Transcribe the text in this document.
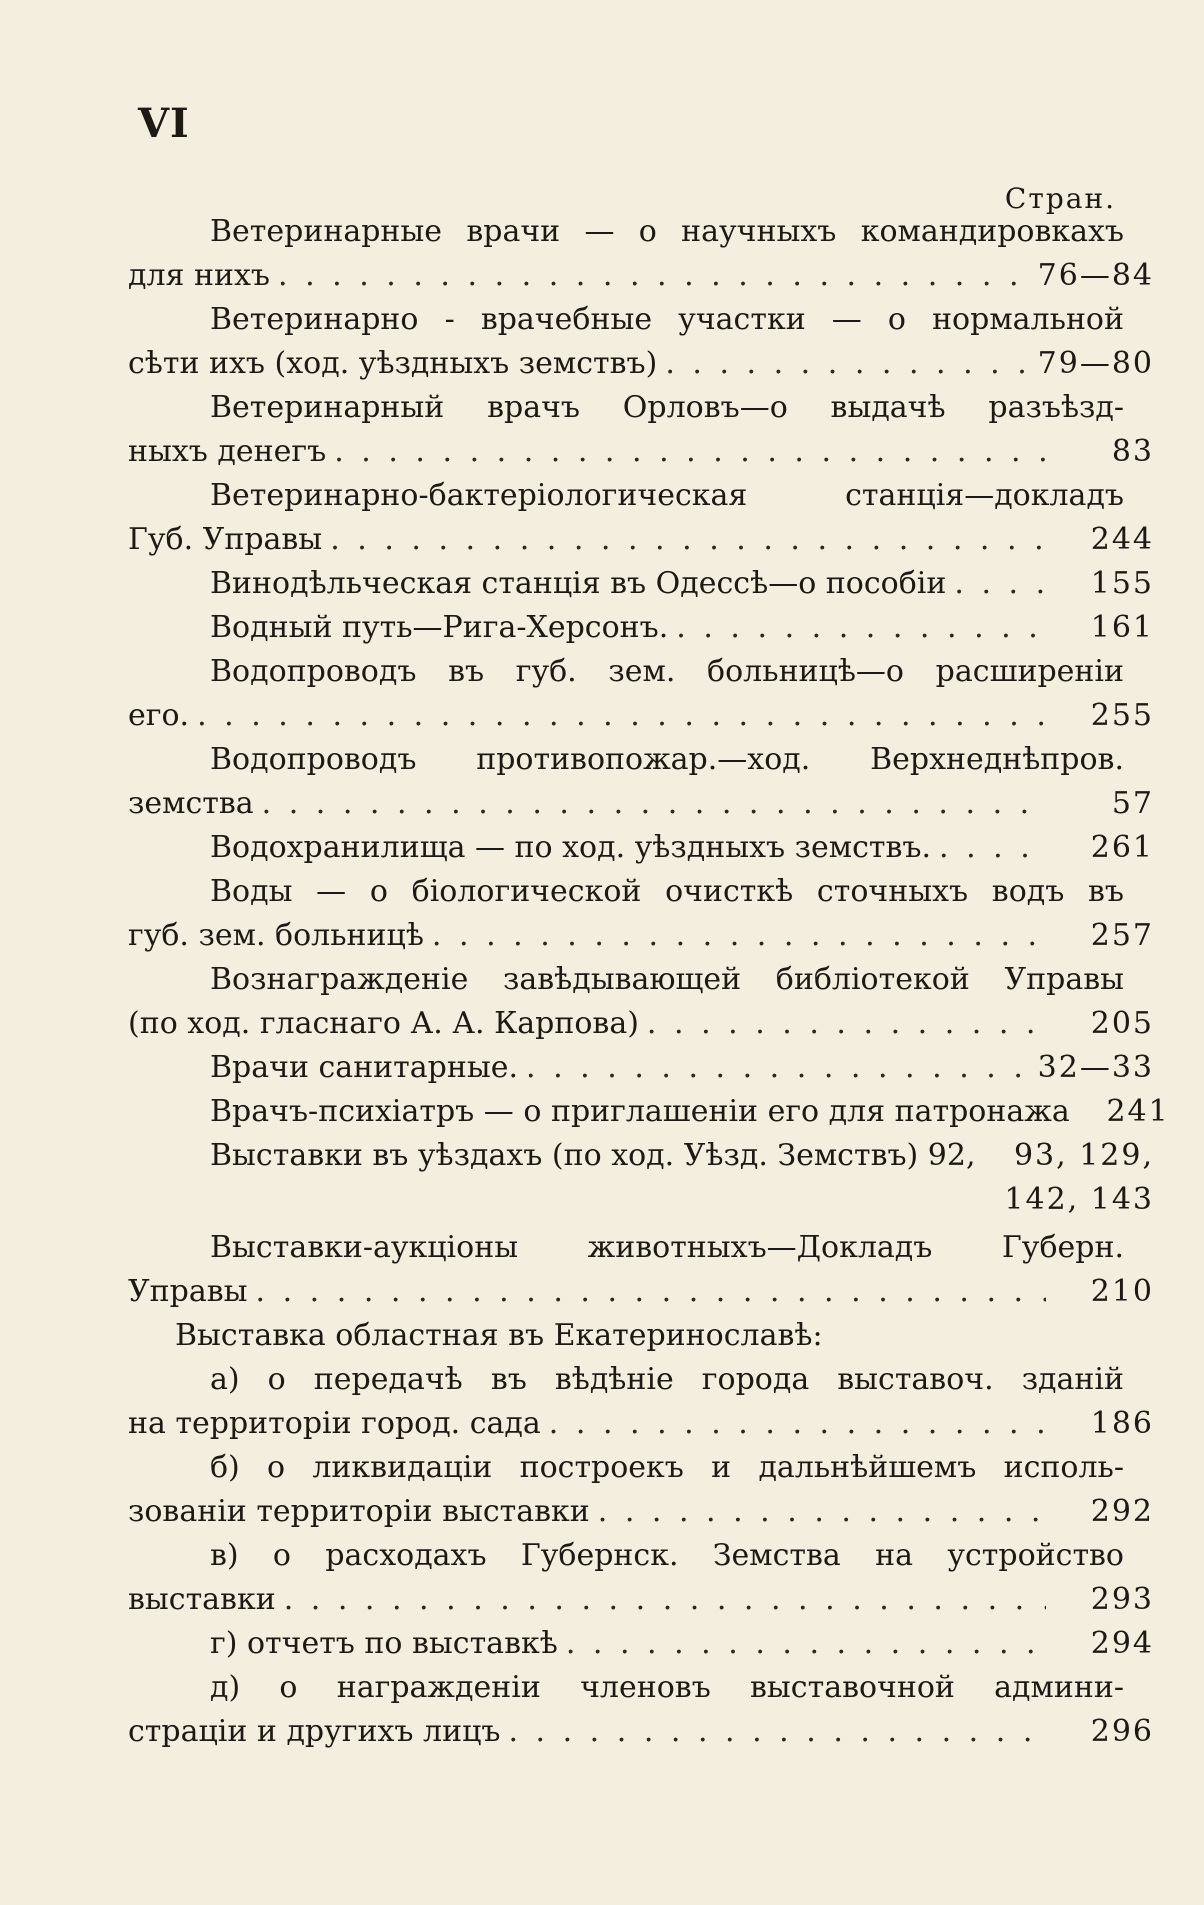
VI
Стран.
Ветеринарные врачи — о научныхъ командировкахъ
для нихъ . . .	76—84
Ветеринарно - врачебные участки — о нормальной
сѣти ихъ (ход. уѣздныхъ земствъ) . . .	79—80
Ветеринарный врачъ Орловъ—о выдачѣ разъѣзд-
ныхъ денегъ . . .	83
Ветеринарно-бактеріологическая станція—докладъ
Губ. Управы . . .	244
Винодѣльческая станція въ Одессѣ—о пособіи . . .	155
Водный путь—Рига-Херсонъ. . . .	161
Водопроводъ въ губ. зем. больницѣ—о расширеніи
его. . . .	255
Водопроводъ противопожар.—ход. Верхнеднѣпров.
земства . . .	57
Водохранилища — по ход. уѣздныхъ земствъ. . . .	261
Воды — о біологической очисткѣ сточныхъ водъ въ
губ. зем. больницѣ . . .	257
Вознагражденіе завѣдывающей библіотекой Управы
(по ход. гласнаго А. А. Карпова) . . .	205
Врачи санитарные. . . .	32—33
Врачъ-психіатръ — о приглашеніи его для патронажа	241
Выставки въ уѣздахъ (по ход. Уѣзд. Земствъ) 92, 93, 129,
142, 143
Выставки-аукціоны животныхъ—Докладъ Губерн.
Управы . . .	210
Выставка областная въ Екатеринославѣ:
а) о передачѣ въ вѣдѣніе города выставоч. зданій
на территоріи город. сада . . .	186
б) о ликвидаціи построекъ и дальнѣйшемъ исполь-
зованіи территоріи выставки . . .	292
в) о расходахъ Губернск. Земства на устройство
выставки . . .	293
г) отчетъ по выставкѣ . . .	294
д) о награжденіи членовъ выставочной админи-
страціи и другихъ лицъ . . .	296
